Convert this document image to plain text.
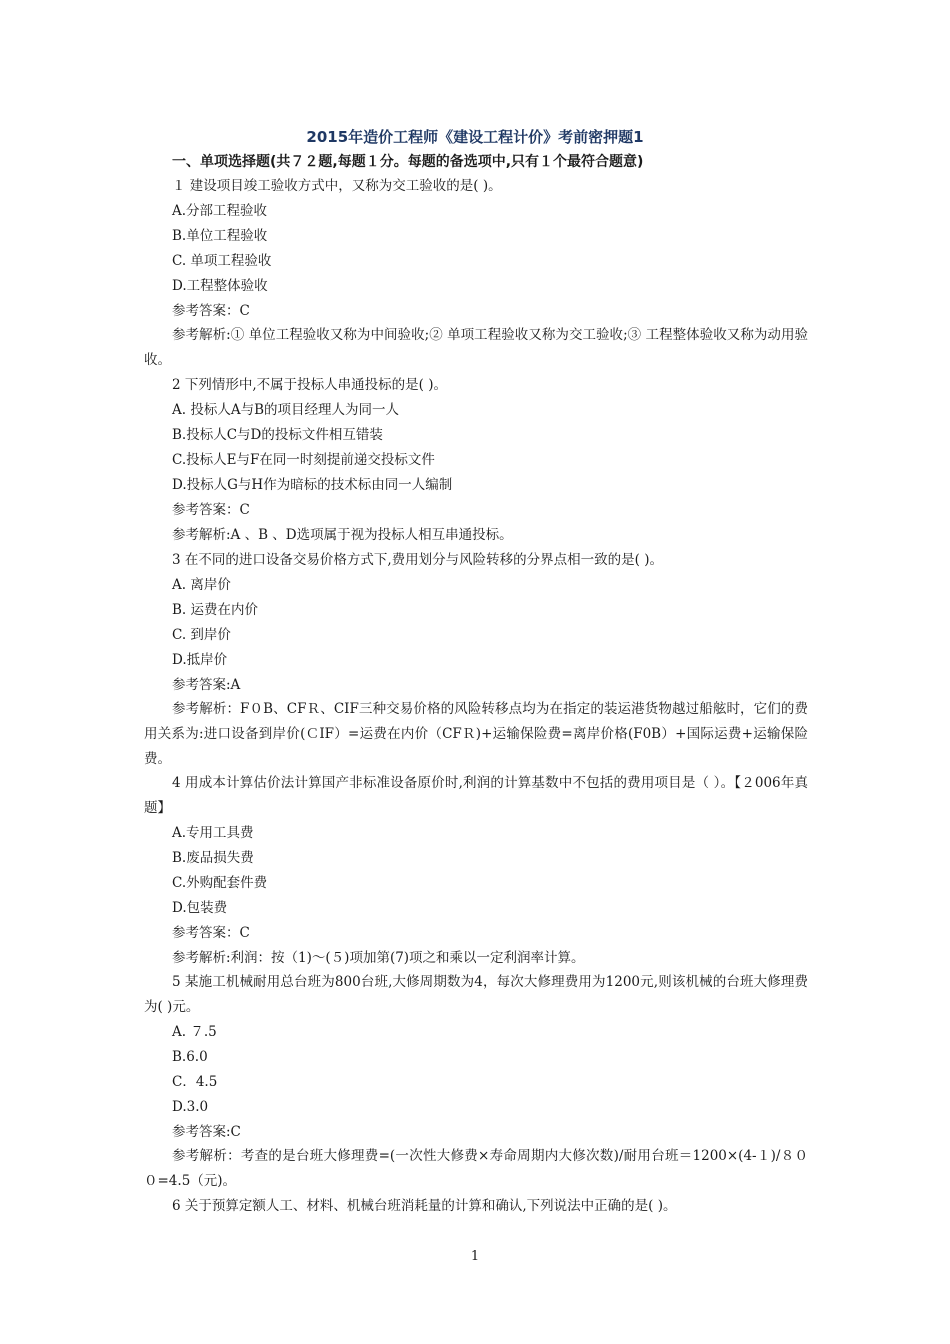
2015年造价工程师《建设工程计价》考前密押题1
一、单项选择题(共７２题,每题１分。每题的备选项中,只有１个最符合题意)
１ 建设项目竣工验收方式中，又称为交工验收的是( )。
A.分部工程验收
B.单位工程验收
C. 单项工程验收
D.工程整体验收
参考答案：C
参考解析:① 单位工程验收又称为中间验收;② 单项工程验收又称为交工验收;③ 工程整体验收又称为动用验收。
2 下列情形中,不属于投标人串通投标的是( )。
A. 投标人A与B的项目经理人为同一人
B.投标人C与D的投标文件相互错装
C.投标人E与F在同一时刻提前递交投标文件
D.投标人G与H作为暗标的技术标由同一人编制
参考答案：C
参考解析:A 、B 、D选项属于视为投标人相互串通投标。
3 在不同的进口设备交易价格方式下,费用划分与风险转移的分界点相一致的是( )。
A. 离岸价
B. 运费在内价
C. 到岸价
D.抵岸价
参考答案:A
参考解析：F０B、CFＲ、CIF三种交易价格的风险转移点均为在指定的装运港货物越过船舷时，它们的费用关系为:进口设备到岸价(ＣIF）=运费在内价（CFＲ)+运输保险费=离岸价格(F0B）+国际运费+运输保险费。
4 用成本计算估价法计算国产非标准设备原价时,利润的计算基数中不包括的费用项目是（ ）。【２006年真题】
A.专用工具费
B.废品损失费
C.外购配套件费
D.包装费
参考答案：C
参考解析:利润：按（1)～(５)项加第(7)项之和乘以一定利润率计算。
5 某施工机械耐用总台班为800台班,大修周期数为4，每次大修理费用为1200元,则该机械的台班大修理费为( )元。
A. ７.5
B.6.0
C．4.5
D.3.0
参考答案:C
参考解析：考查的是台班大修理费=(一次性大修费×寿命周期内大修次数)/耐用台班＝1200×(4-１)/８００=4.5（元)。
6 关于预算定额人工、材料、机械台班消耗量的计算和确认,下列说法中正确的是( )。
1
